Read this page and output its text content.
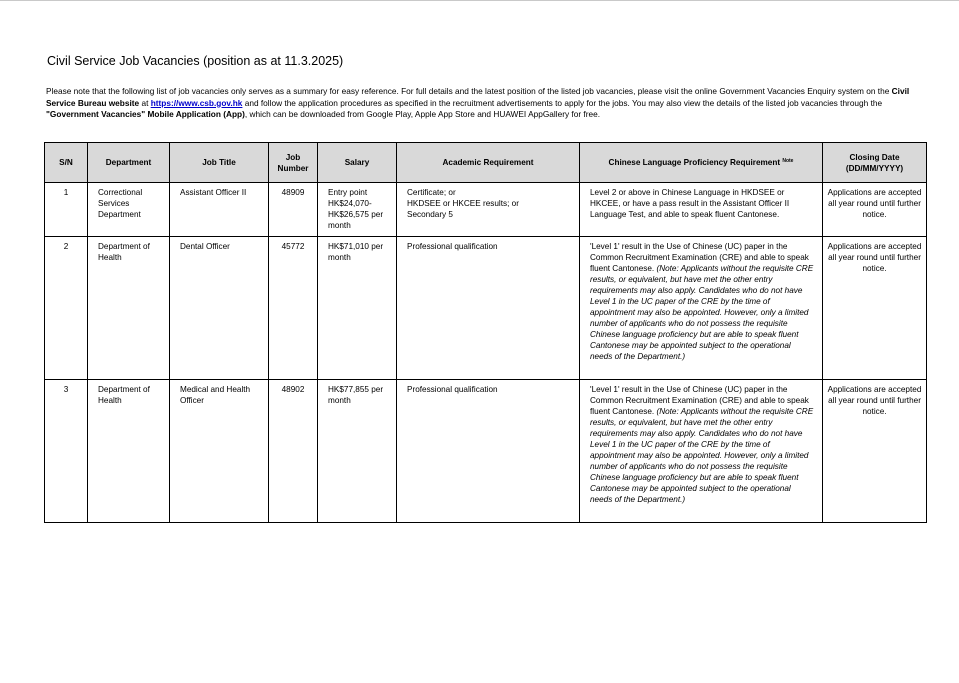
Civil Service Job Vacancies (position as at 11.3.2025)

Please note that the following list of job vacancies only serves as a summary for easy reference. For full details and the latest position of the listed job vacancies, please visit the online Government Vacancies Enquiry system on the Civil Service Bureau website at https://www.csb.gov.hk and follow the application procedures as specified in the recruitment advertisements to apply for the jobs. You may also view the details of the listed job vacancies through the "Government Vacancies" Mobile Application (App), which can be downloaded from Google Play, Apple App Store and HUAWEI AppGallery for free.

S/N	Department	Job Title	Job Number	Salary	Academic Requirement	Chinese Language Proficiency Requirement $^{Note}$	Closing Date (DD/MM/YYYY)
1	Correctional Services Department	Assistant Officer II	48909	Entry point HK$24,070-HK$26,575 per month	Certificate; or
HKDSEE or HKCEE results; or
Secondary 5	Level 2 or above in Chinese Language in HKDSEE or HKCEE, or have a pass result in the Assistant Officer II Language Test, and able to speak fluent Cantonese.	Applications are accepted all year round until further notice.
2	Department of Health	Dental Officer	45772	HK$71,010 per month	Professional qualification	'Level 1' result in the Use of Chinese (UC) paper in the Common Recruitment Examination (CRE) and able to speak fluent Cantonese. (Note: Applicants without the requisite CRE results, or equivalent, but have met the other entry requirements may also apply. Candidates who do not have Level 1 in the UC paper of the CRE by the time of appointment may also be appointed. However, only a limited number of applicants who do not possess the requisite Chinese language proficiency but are able to speak fluent Cantonese may be appointed subject to the operational needs of the Department.)	Applications are accepted all year round until further notice.
3	Department of Health	Medical and Health Officer	48902	HK$77,855 per month	Professional qualification	'Level 1' result in the Use of Chinese (UC) paper in the Common Recruitment Examination (CRE) and able to speak fluent Cantonese. (Note: Applicants without the requisite CRE results, or equivalent, but have met the other entry requirements may also apply. Candidates who do not have Level 1 in the UC paper of the CRE by the time of appointment may also be appointed. However, only a limited number of applicants who do not possess the requisite Chinese language proficiency but are able to speak fluent Cantonese may be appointed subject to the operational needs of the Department.)	Applications are accepted all year round until further notice.
